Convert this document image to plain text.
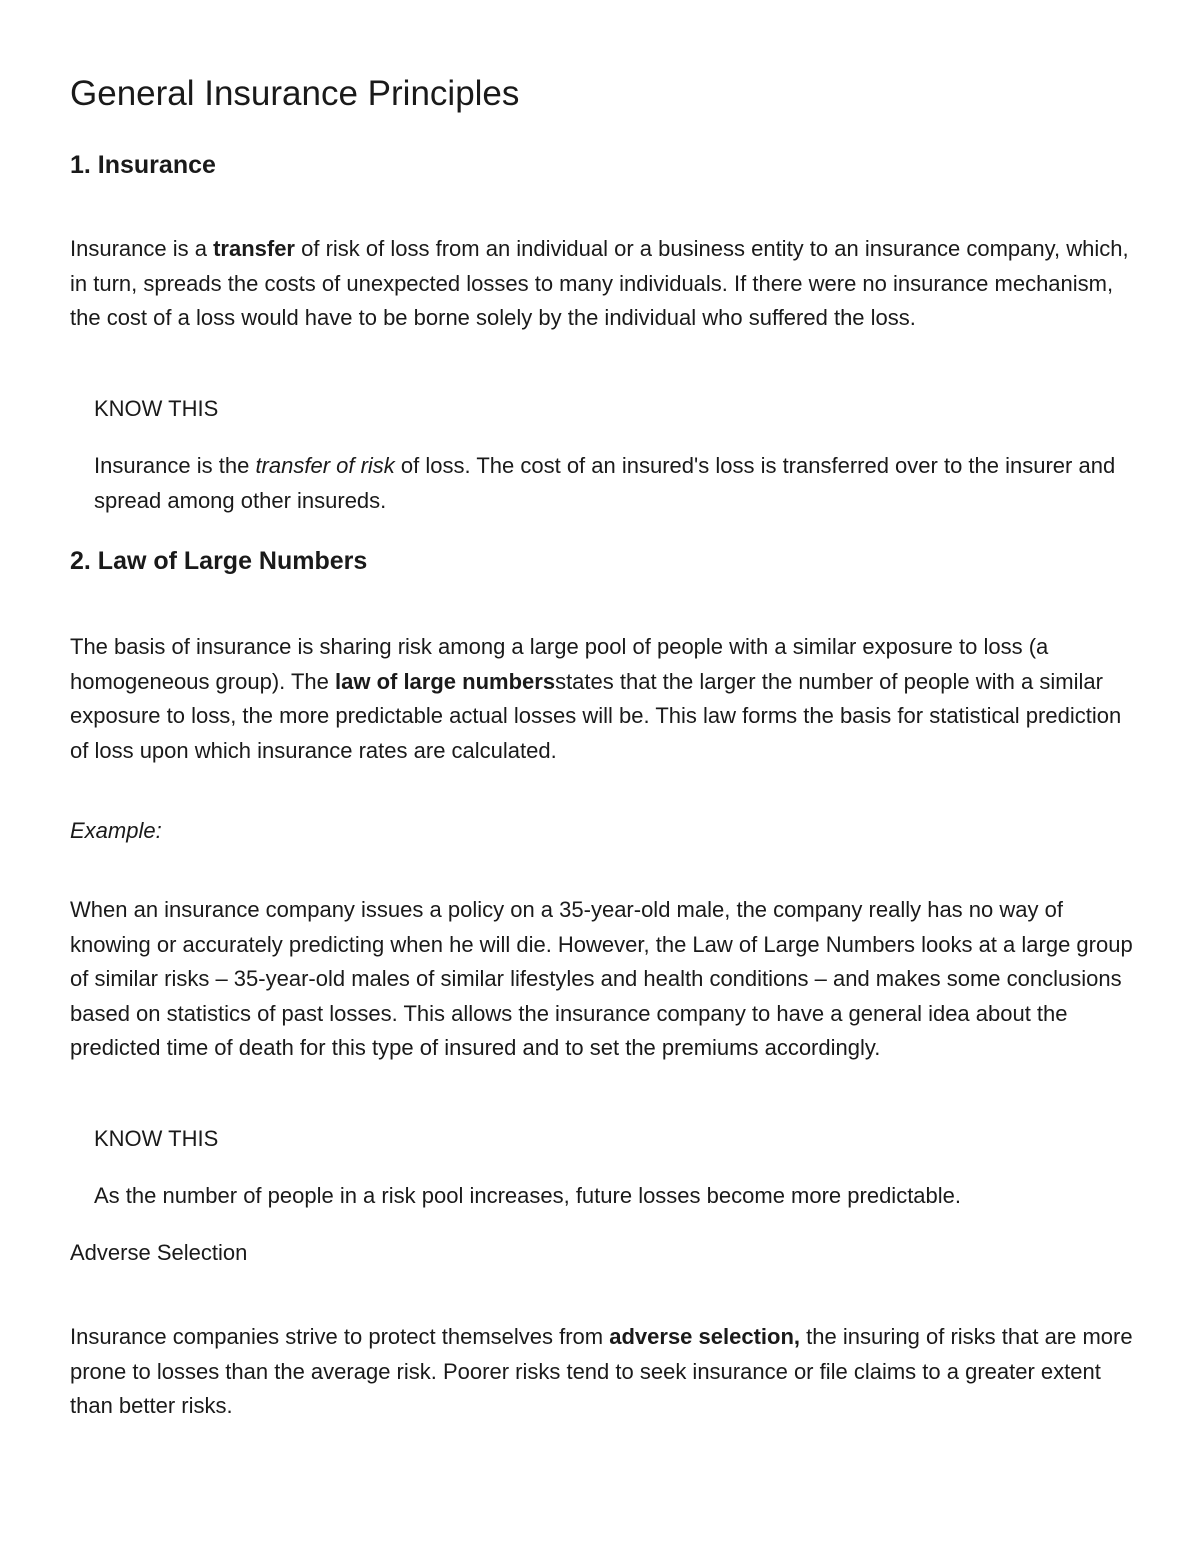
General Insurance Principles
1. Insurance

Insurance is a transfer of risk of loss from an individual or a business entity to an insurance company, which, in turn, spreads the costs of unexpected losses to many individuals. If there were no insurance mechanism, the cost of a loss would have to be borne solely by the individual who suffered the loss.

KNOW THIS

Insurance is the transfer of risk of loss. The cost of an insured's loss is transferred over to the insurer and spread among other insureds.

2. Law of Large Numbers

The basis of insurance is sharing risk among a large pool of people with a similar exposure to loss (a homogeneous group). The law of large numbersstates that the larger the number of people with a similar exposure to loss, the more predictable actual losses will be. This law forms the basis for statistical prediction of loss upon which insurance rates are calculated.

Example:

When an insurance company issues a policy on a 35-year-old male, the company really has no way of knowing or accurately predicting when he will die. However, the Law of Large Numbers looks at a large group of similar risks – 35-year-old males of similar lifestyles and health conditions – and makes some conclusions based on statistics of past losses. This allows the insurance company to have a general idea about the predicted time of death for this type of insured and to set the premiums accordingly.

KNOW THIS

As the number of people in a risk pool increases, future losses become more predictable.

Adverse Selection

Insurance companies strive to protect themselves from adverse selection, the insuring of risks that are more prone to losses than the average risk. Poorer risks tend to seek insurance or file claims to a greater extent than better risks.
